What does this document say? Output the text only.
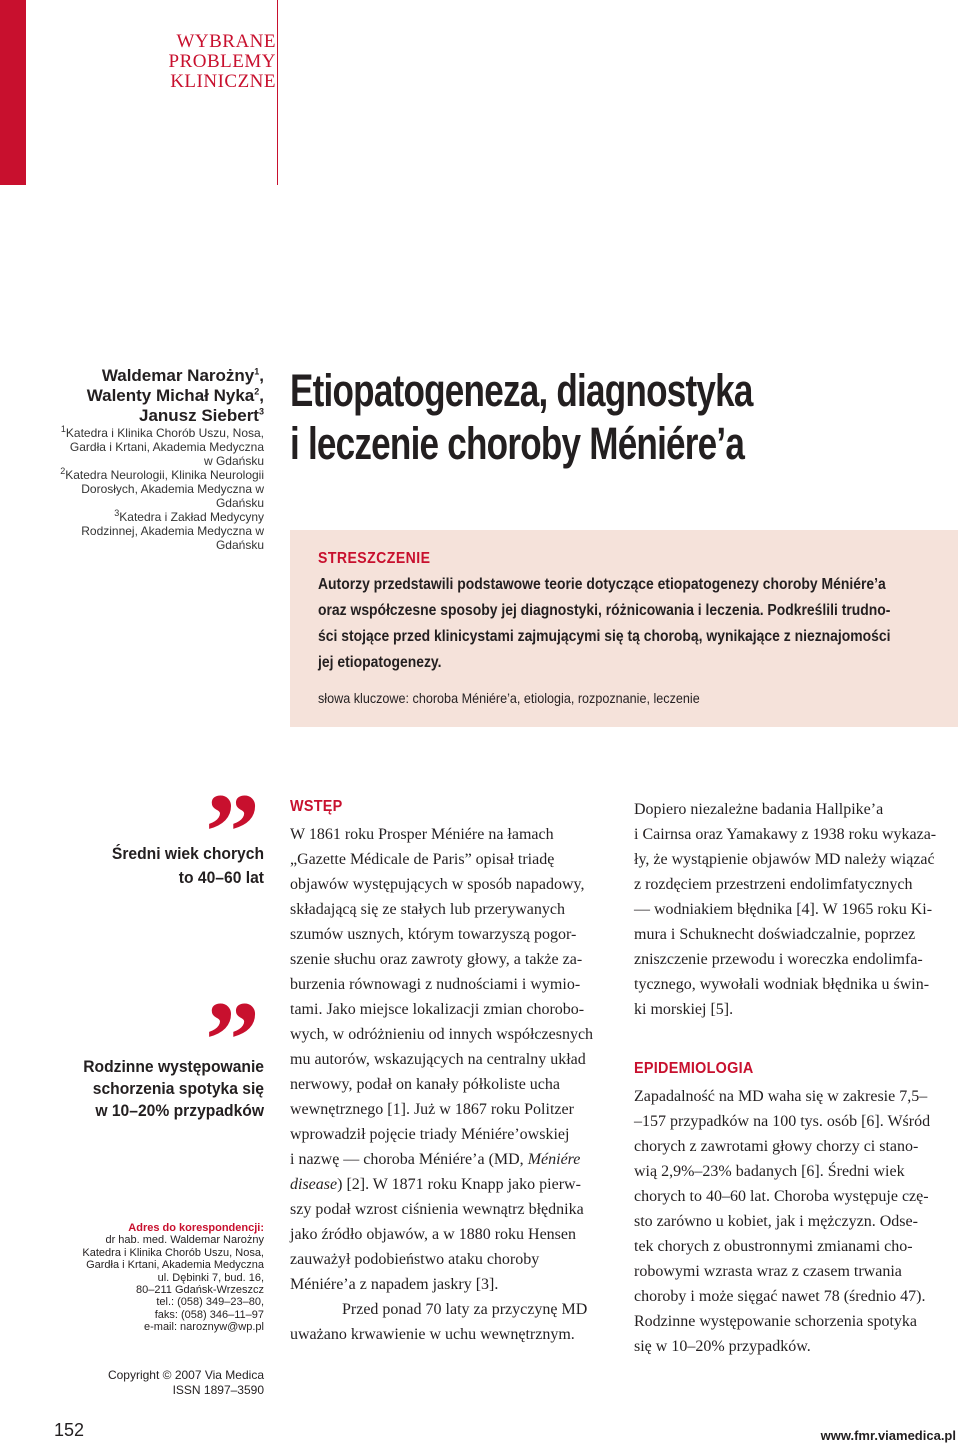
WYBRANE
PROBLEMY
KLINICZNE
Waldemar Narożny$^1$,
Walenty Michał Nyka$^2$,
Janusz Siebert$^3$
$^1$Katedra i Klinika Chorób Uszu, Nosa, Gardła i Krtani, Akademia Medyczna w Gdańsku
$^2$Katedra Neurologii, Klinika Neurologii Dorosłych, Akademia Medyczna w Gdańsku
$^3$Katedra i Zakład Medycyny Rodzinnej, Akademia Medyczna w Gdańsku
Etiopatogeneza, diagnostyka
i leczenie choroby Méniére’a
STRESZCZENIE
Autorzy przedstawili podstawowe teorie dotyczące etiopatogenezy choroby Méniére’a
oraz współczesne sposoby jej diagnostyki, różnicowania i leczenia. Podkreślili trudno-
ści stojące przed klinicystami zajmującymi się tą chorobą, wynikające z nieznajomości
jej etiopatogenezy.
słowa kluczowe: choroba Méniére’a, etiologia, rozpoznanie, leczenie
Średni wiek chorych
to 40–60 lat
Rodzinne występowanie
schorzenia spotyka się
w 10–20% przypadków
Adres do korespondencji:
dr hab. med. Waldemar Narożny
Katedra i Klinika Chorób Uszu, Nosa,
Gardła i Krtani, Akademia Medyczna
ul. Dębinki 7, bud. 16,
80–211 Gdańsk-Wrzeszcz
tel.: (058) 349–23–80,
faks: (058) 346–11–97
e-mail: naroznyw@wp.pl
Copyright © 2007 Via Medica
ISSN 1897–3590
152	www.fmr.viamedica.pl
WSTĘP
W 1861 roku Prosper Méniére na łamach
„Gazette Médicale de Paris” opisał triadę
objawów występujących w sposób napadowy,
składającą się ze stałych lub przerywanych
szumów usznych, którym towarzyszą pogor-
szenie słuchu oraz zawroty głowy, a także za-
burzenia równowagi z nudnościami i wymio-
tami. Jako miejsce lokalizacji zmian chorobo-
wych, w odróżnieniu od innych współczesnych
mu autorów, wskazujących na centralny układ
nerwowy, podał on kanały półkoliste ucha
wewnętrznego [1]. Już w 1867 roku Politzer
wprowadził pojęcie triady Méniére’owskiej
i nazwę — choroba Méniére’a (MD, Méniére
disease) [2]. W 1871 roku Knapp jako pierw-
szy podał wzrost ciśnienia wewnątrz błędnika
jako źródło objawów, a w 1880 roku Hensen
zauważył podobieństwo ataku choroby
Méniére’a z napadem jaskry [3].
Przed ponad 70 laty za przyczynę MD
uważano krwawienie w uchu wewnętrznym.
Dopiero niezależne badania Hallpike’a
i Cairnsa oraz Yamakawy z 1938 roku wykaza-
ły, że wystąpienie objawów MD należy wiązać
z rozdęciem przestrzeni endolimfatycznych
— wodniakiem błędnika [4]. W 1965 roku Ki-
mura i Schuknecht doświadczalnie, poprzez
zniszczenie przewodu i woreczka endolimfa-
tycznego, wywołali wodniak błędnika u świn-
ki morskiej [5].
EPIDEMIOLOGIA
Zapadalność na MD waha się w zakresie 7,5–
–157 przypadków na 100 tys. osób [6]. Wśród
chorych z zawrotami głowy chorzy ci stano-
wią 2,9%–23% badanych [6]. Średni wiek
chorych to 40–60 lat. Choroba występuje czę-
sto zarówno u kobiet, jak i mężczyzn. Odse-
tek chorych z obustronnymi zmianami cho-
robowymi wzrasta wraz z czasem trwania
choroby i może sięgać nawet 78 (średnio 47).
Rodzinne występowanie schorzenia spotyka
się w 10–20% przypadków.
